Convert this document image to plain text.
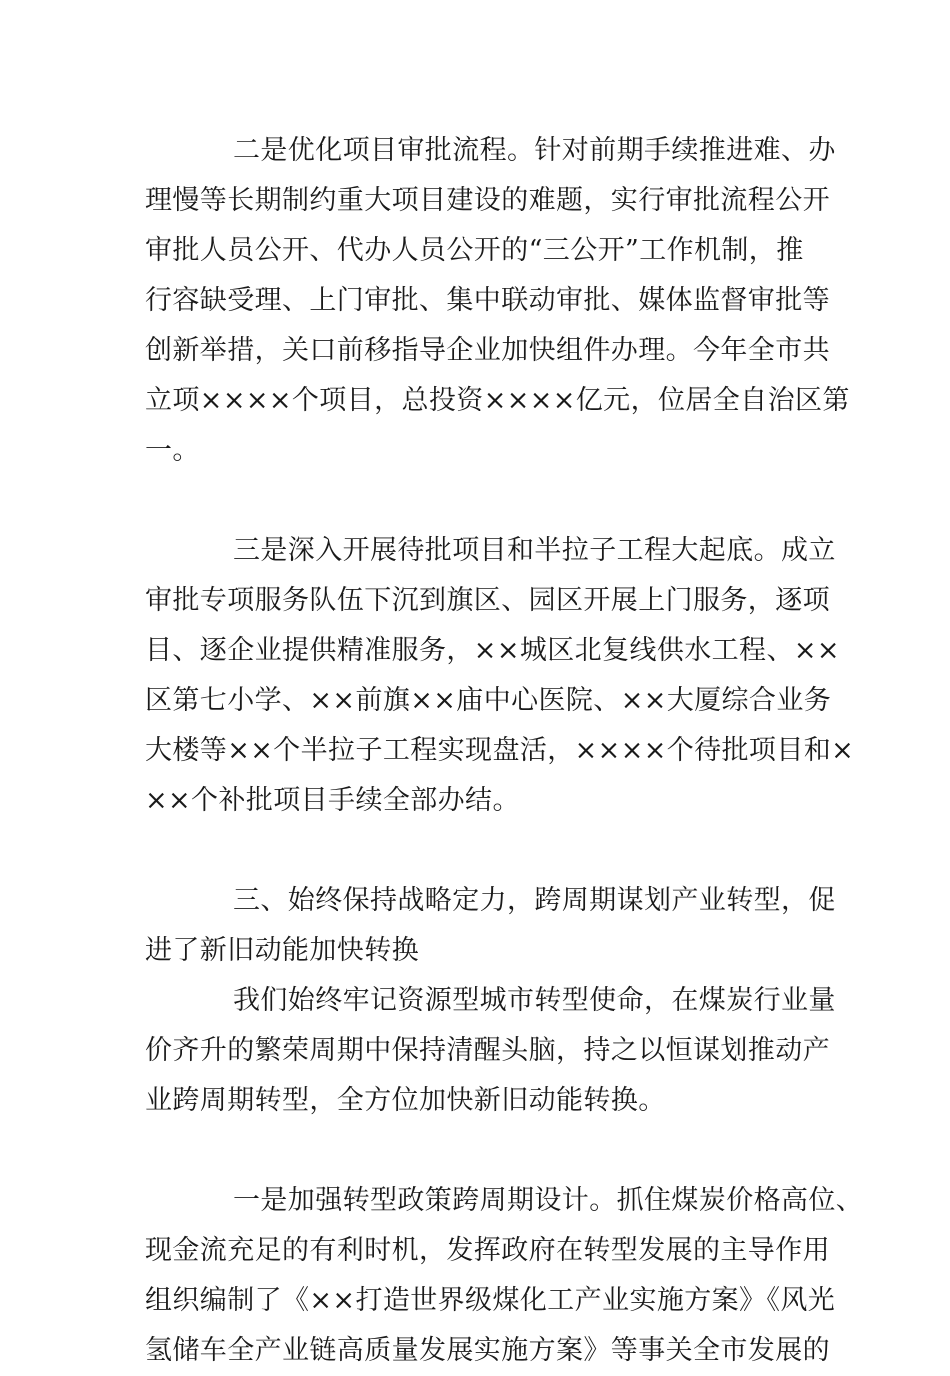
二是优化项目审批流程。针对前期手续推进难、办
理慢等长期制约重大项目建设的难题，实行审批流程公开
审批人员公开、代办人员公开的“三公开”工作机制，推
行容缺受理、上门审批、集中联动审批、媒体监督审批等
创新举措，关口前移指导企业加快组件办理。今年全市共
立项××××个项目，总投资××××亿元，位居全自治区第
一。
三是深入开展待批项目和半拉子工程大起底。成立
审批专项服务队伍下沉到旗区、园区开展上门服务，逐项
目、逐企业提供精准服务，××城区北复线供水工程、××
区第七小学、××前旗××庙中心医院、××大厦综合业务
大楼等××个半拉子工程实现盘活，××××个待批项目和×
××个补批项目手续全部办结。
三、始终保持战略定力，跨周期谋划产业转型，促
进了新旧动能加快转换
我们始终牢记资源型城市转型使命，在煤炭行业量
价齐升的繁荣周期中保持清醒头脑，持之以恒谋划推动产
业跨周期转型，全方位加快新旧动能转换。
一是加强转型政策跨周期设计。抓住煤炭价格高位、
现金流充足的有利时机，发挥政府在转型发展的主导作用
组织编制了《××打造世界级煤化工产业实施方案》《风光
氢储车全产业链高质量发展实施方案》等事关全市发展的
